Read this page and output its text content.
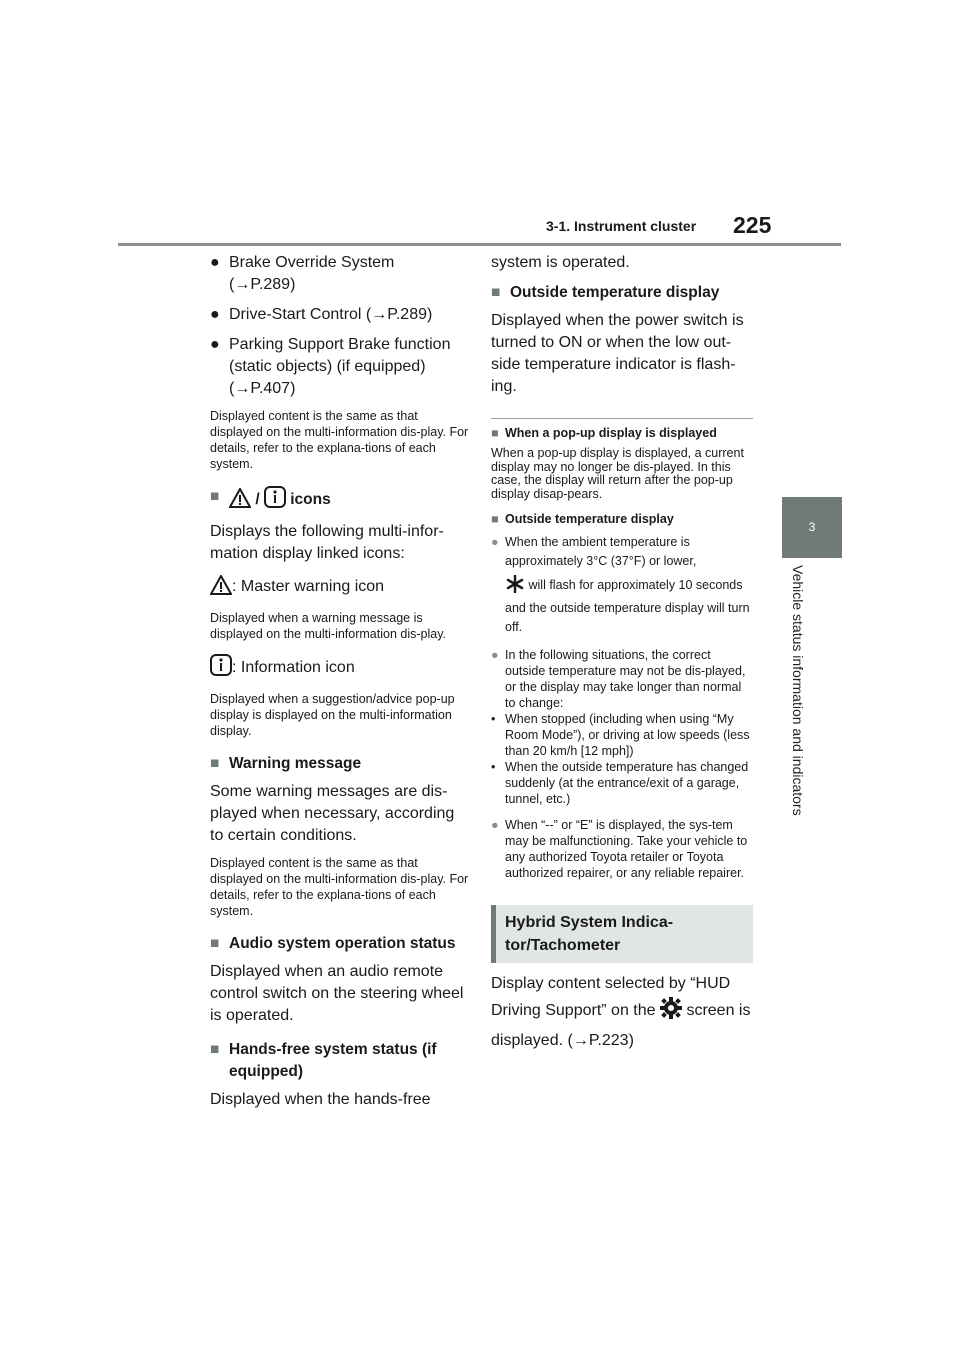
3-1. Instrument cluster 225
3
Vehicle status information and indicators
● Brake Override System
(→P.289)
● Drive-Start Control (→P.289)
● Parking Support Brake function
(static objects) (if equipped)
(→P.407)
Displayed content is the same as that displayed on the multi-information dis-play. For details, refer to the explana-tions of each system.
■ / icons
Displays the following multi-infor-mation display linked icons:
: Master warning icon
Displayed when a warning message is displayed on the multi-information dis-play.
: Information icon
Displayed when a suggestion/advice pop-up display is displayed on the multi-information display.
■ Warning message
Some warning messages are dis-played when necessary, according to certain conditions.
Displayed content is the same as that displayed on the multi-information dis-play. For details, refer to the explana-tions of each system.
■ Audio system operation status
Displayed when an audio remote control switch on the steering wheel is operated.
■ Hands-free system status (if equipped)
Displayed when the hands-free
system is operated.
■ Outside temperature display
Displayed when the power switch is turned to ON or when the low out-side temperature indicator is flash-ing.
■ When a pop-up display is displayed
When a pop-up display is displayed, a current display may no longer be dis-played. In this case, the display will return after the pop-up display disap-pears.
■ Outside temperature display
● When the ambient temperature is approximately 3°C (37°F) or lower,
will flash for approximately 10 seconds and the outside temperature display will turn off.
● In the following situations, the correct outside temperature may not be dis-played, or the display may take longer than normal to change:
• When stopped (including when using “My Room Mode”), or driving at low speeds (less than 20 km/h [12 mph])
• When the outside temperature has changed suddenly (at the entrance/exit of a garage, tunnel, etc.)
● When “--” or “E” is displayed, the sys-tem may be malfunctioning. Take your vehicle to any authorized Toyota retailer or Toyota authorized repairer, or any reliable repairer.
Hybrid System Indica-tor/Tachometer
Display content selected by “HUD Driving Support” on the screen is displayed. (→P.223)
